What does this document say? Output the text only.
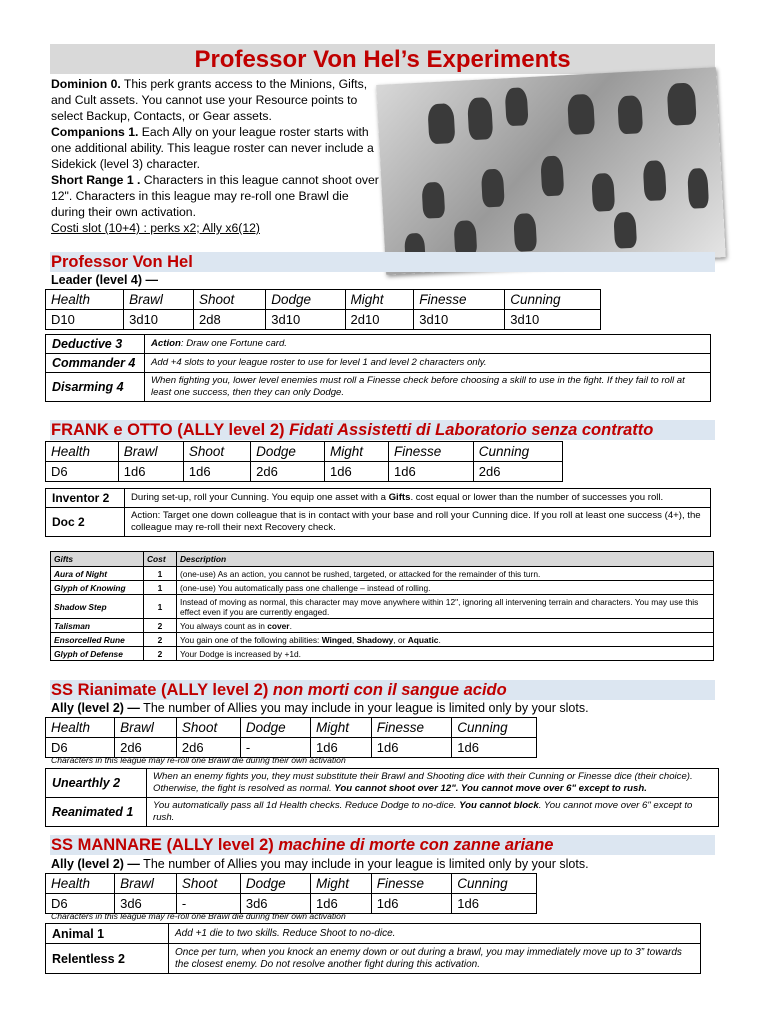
Professor Von Hel’s Experiments

Dominion 0. This perk grants access to the Minions, Gifts, and Cult assets. You cannot use your Resource points to select Backup, Contacts, or Gear assets.

Companions 1. Each Ally on your league roster starts with one additional ability. This league roster can never include a Sidekick (level 3) character.

Short Range 1 . Characters in this league cannot shoot over 12". Characters in this league may re-roll one Brawl die during their own activation.

Costi slot (10+4) : perks x2; Ally x6(12)

Professor Von Hel
Leader (level 4) —
Health	Brawl	Shoot	Dodge	Might	Finesse	Cunning
D10	3d10	2d8	3d10	2d10	3d10	3d10
Deductive 3	Action: Draw one Fortune card.
Commander 4	Add +4 slots to your league roster to use for level 1 and level 2 characters only.
Disarming 4	When fighting you, lower level enemies must roll a Finesse check before choosing a skill to use in the fight. If they fail to roll at least one success, then they can only Dodge.
FRANK e OTTO (ALLY level 2) Fidati Assistetti di Laboratorio senza contratto
Health	Brawl	Shoot	Dodge	Might	Finesse	Cunning
D6	1d6	1d6	2d6	1d6	1d6	2d6
Inventor 2	During set-up, roll your Cunning. You equip one asset with a Gifts. cost equal or lower than the number of successes you roll.
Doc 2	Action: Target one down colleague that is in contact with your base and roll your Cunning dice. If you roll at least one success (4+), the colleague may re-roll their next Recovery check.
Gifts	Cost	Description
Aura of Night	1	(one-use) As an action, you cannot be rushed, targeted, or attacked for the remainder of this turn.
Glyph of Knowing	1	(one-use) You automatically pass one challenge – instead of rolling.
Shadow Step	1	Instead of moving as normal, this character may move anywhere within 12", ignoring all intervening terrain and characters. You may use this effect even if you are currently engaged.
Talisman	2	You always count as in cover.
Ensorcelled Rune	2	You gain one of the following abilities: Winged, Shadowy, or Aquatic.
Glyph of Defense	2	Your Dodge is increased by +1d.
SS Rianimate (ALLY level 2) non morti con il sangue acido
Ally (level 2) — The number of Allies you may include in your league is limited only by your slots.
Health	Brawl	Shoot	Dodge	Might	Finesse	Cunning
D6	2d6	2d6	-	1d6	1d6	1d6
Characters in this league may re-roll one Brawl die during their own activation
Unearthly 2	When an enemy fights you, they must substitute their Brawl and Shooting dice with their Cunning or Finesse dice (their choice). Otherwise, the fight is resolved as normal. You cannot shoot over 12". You cannot move over 6" except to rush.
Reanimated 1	You automatically pass all 1d Health checks. Reduce Dodge to no-dice. You cannot block. You cannot move over 6" except to rush.
SS MANNARE (ALLY level 2) machine di morte con zanne ariane
Ally (level 2) — The number of Allies you may include in your league is limited only by your slots.
Health	Brawl	Shoot	Dodge	Might	Finesse	Cunning
D6	3d6	-	3d6	1d6	1d6	1d6
Characters in this league may re-roll one Brawl die during their own activation
Animal 1	Add +1 die to two skills. Reduce Shoot to no-dice.
Relentless 2	Once per turn, when you knock an enemy down or out during a brawl, you may immediately move up to 3” towards the closest enemy. Do not resolve another fight during this activation.
